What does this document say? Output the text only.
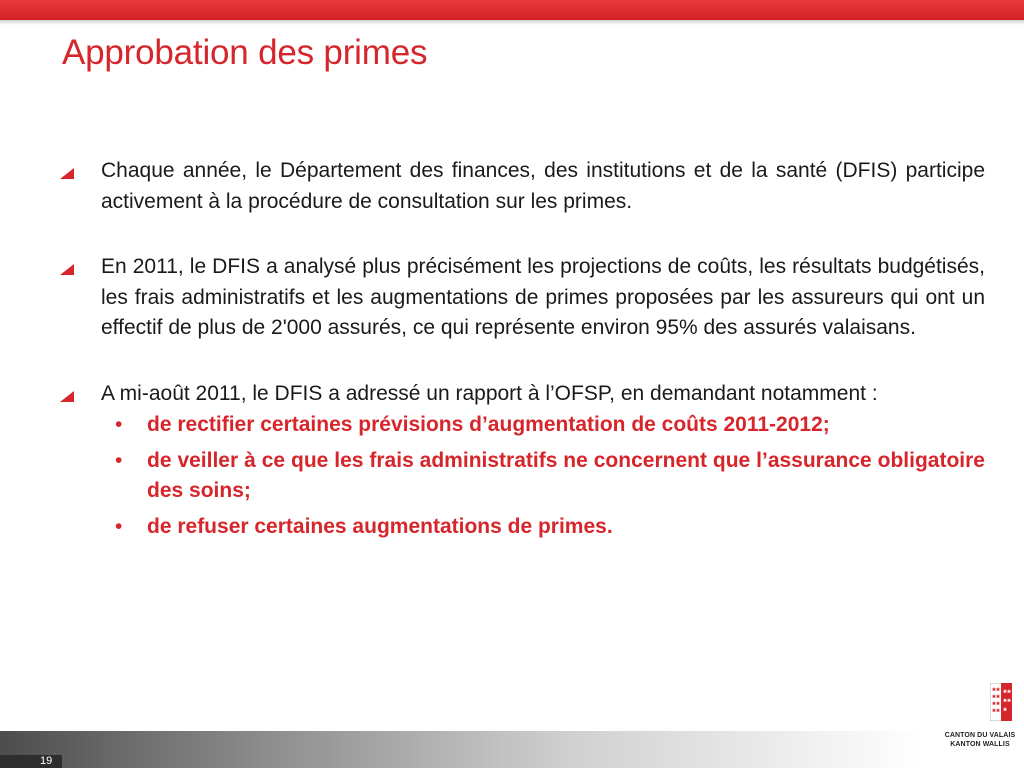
Approbation des primes
Chaque année, le Département des finances, des institutions et de la santé (DFIS) participe activement à la procédure de consultation sur les primes.
En 2011, le DFIS a analysé plus précisément les projections de coûts, les résultats budgétisés, les frais administratifs et les augmentations de primes proposées par les assureurs qui ont un effectif de plus de 2'000 assurés, ce qui représente environ 95% des assurés valaisans.
A mi-août 2011, le DFIS a adressé un rapport à l’OFSP, en demandant notamment :
• de rectifier certaines prévisions d’augmentation de coûts 2011-2012;
• de veiller à ce que les frais administratifs ne concernent que l’assurance obligatoire des soins;
• de refuser certaines augmentations de primes.
19
CANTON DU VALAIS
KANTON WALLIS
